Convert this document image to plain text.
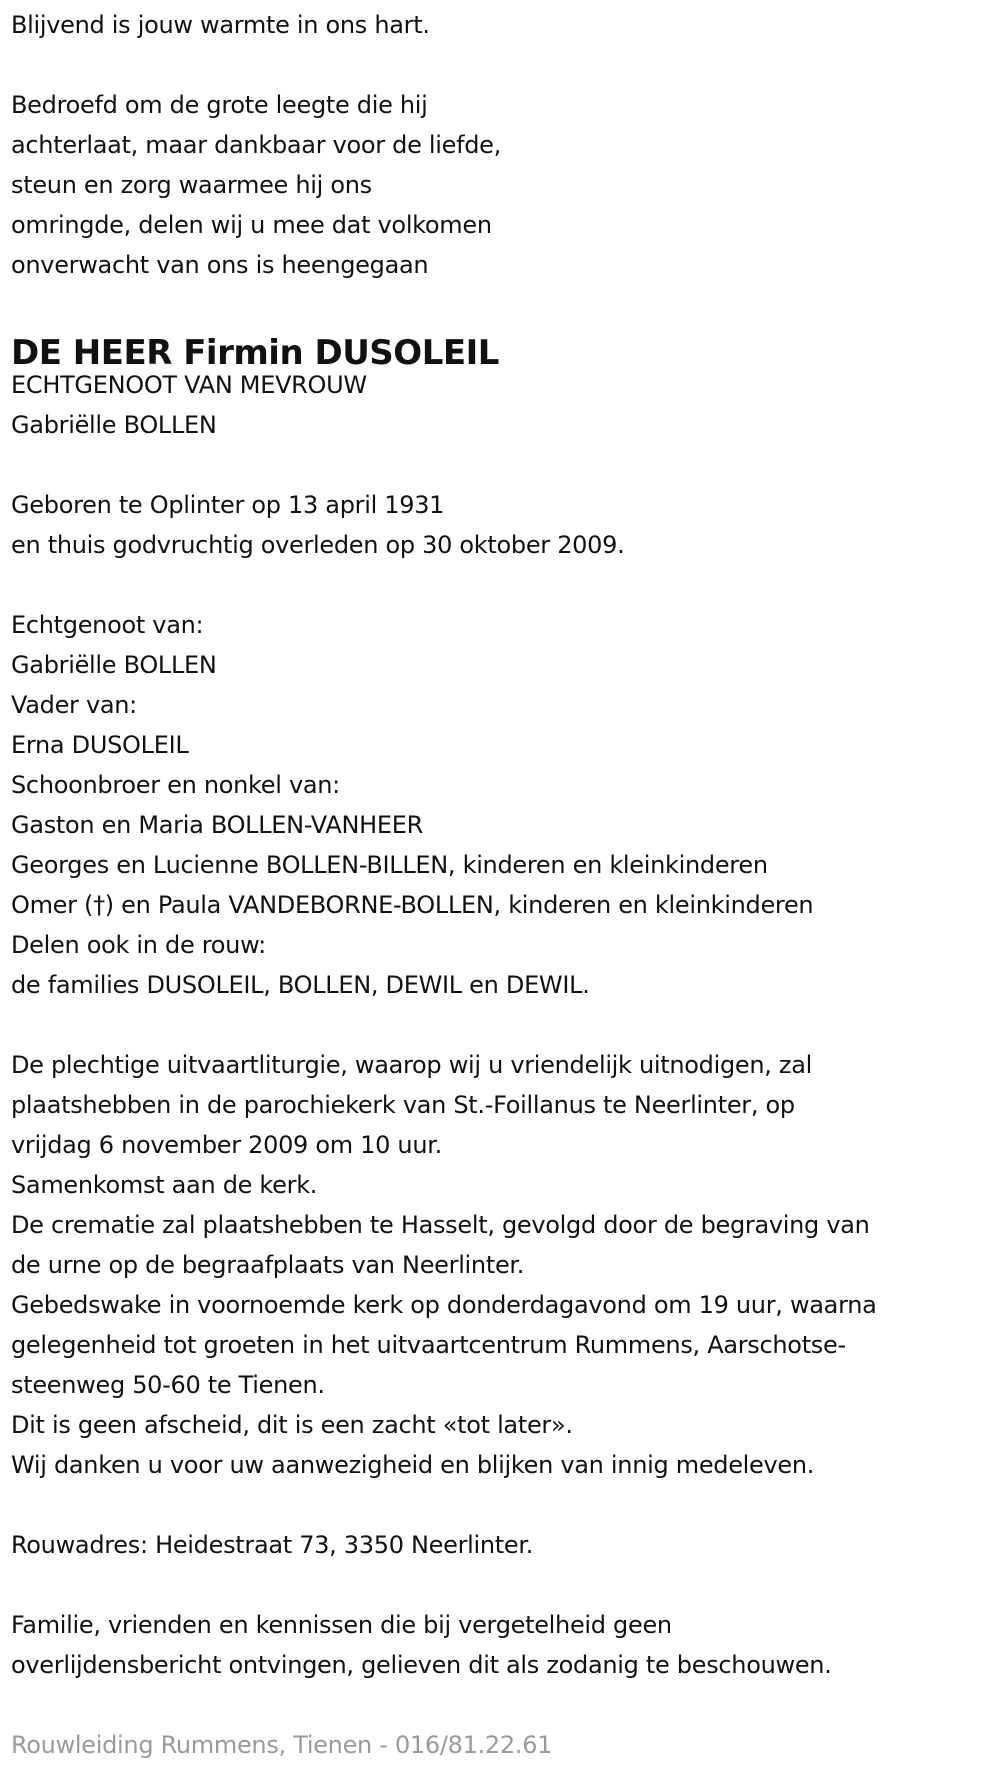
Blijvend is jouw warmte in ons hart.
Bedroefd om de grote leegte die hij
achterlaat, maar dankbaar voor de liefde,
steun en zorg waarmee hij ons
omringde, delen wij u mee dat volkomen
onverwacht van ons is heengegaan
DE HEER Firmin DUSOLEIL
ECHTGENOOT VAN MEVROUW
Gabriëlle BOLLEN
Geboren te Oplinter op 13 april 1931
en thuis godvruchtig overleden op 30 oktober 2009.
Echtgenoot van:
Gabriëlle BOLLEN
Vader van:
Erna DUSOLEIL
Schoonbroer en nonkel van:
Gaston en Maria BOLLEN-VANHEER
Georges en Lucienne BOLLEN-BILLEN, kinderen en kleinkinderen
Omer (†) en Paula VANDEBORNE-BOLLEN, kinderen en kleinkinderen
Delen ook in de rouw:
de families DUSOLEIL, BOLLEN, DEWIL en DEWIL.
De plechtige uitvaartliturgie, waarop wij u vriendelijk uitnodigen, zal
plaatshebben in de parochiekerk van St.-Foillanus te Neerlinter, op
vrijdag 6 november 2009 om 10 uur.
Samenkomst aan de kerk.
De crematie zal plaatshebben te Hasselt, gevolgd door de begraving van
de urne op de begraafplaats van Neerlinter.
Gebedswake in voornoemde kerk op donderdagavond om 19 uur, waarna
gelegenheid tot groeten in het uitvaartcentrum Rummens, Aarschotse-
steenweg 50-60 te Tienen.
Dit is geen afscheid, dit is een zacht «tot later».
Wij danken u voor uw aanwezigheid en blijken van innig medeleven.
Rouwadres: Heidestraat 73, 3350 Neerlinter.
Familie, vrienden en kennissen die bij vergetelheid geen
overlijdensbericht ontvingen, gelieven dit als zodanig te beschouwen.
Rouwleiding Rummens, Tienen - 016/81.22.61
